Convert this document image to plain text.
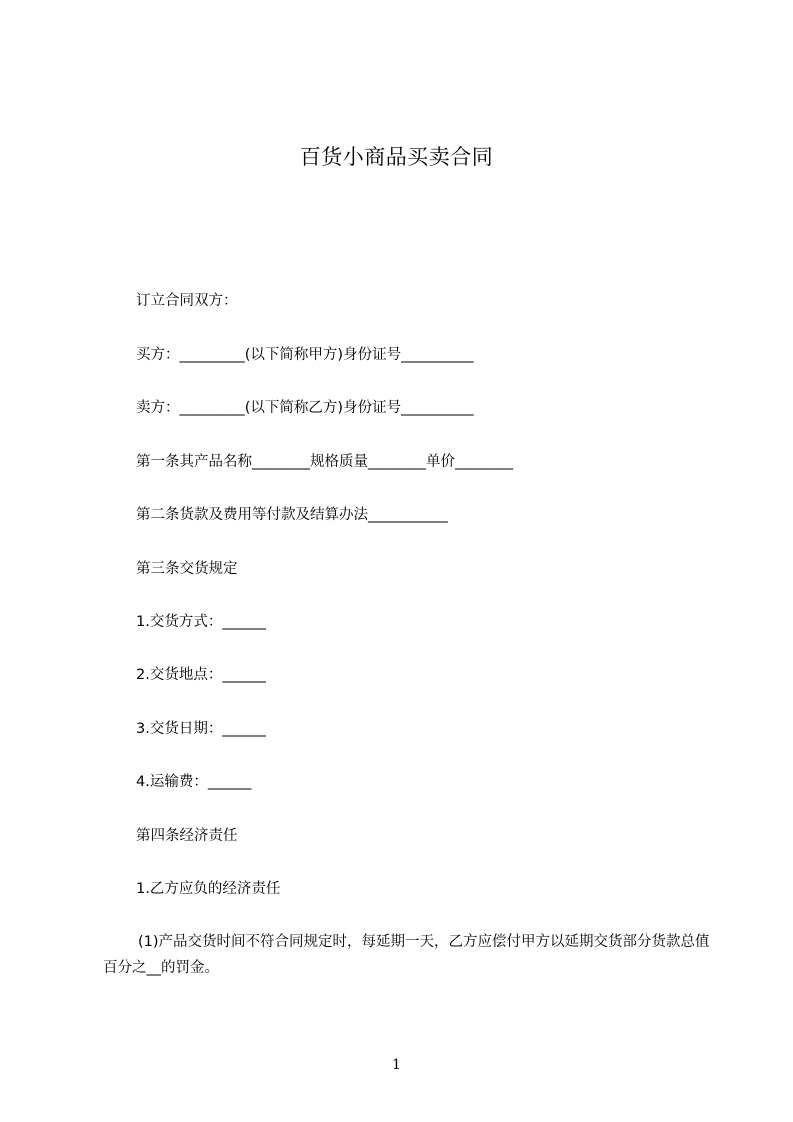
百货小商品买卖合同
订立合同双方：
买方：_________(以下简称甲方)身份证号__________
卖方：_________(以下简称乙方)身份证号__________
第一条其产品名称________规格质量________单价________
第二条货款及费用等付款及结算办法___________
第三条交货规定
1.交货方式：______
2.交货地点：______
3.交货日期：______
4.运输费：______
第四条经济责任
1.乙方应负的经济责任
(1)产品交货时间不符合同规定时，每延期一天，乙方应偿付甲方以延期交货部分货款总值百分之__的罚金。
1
